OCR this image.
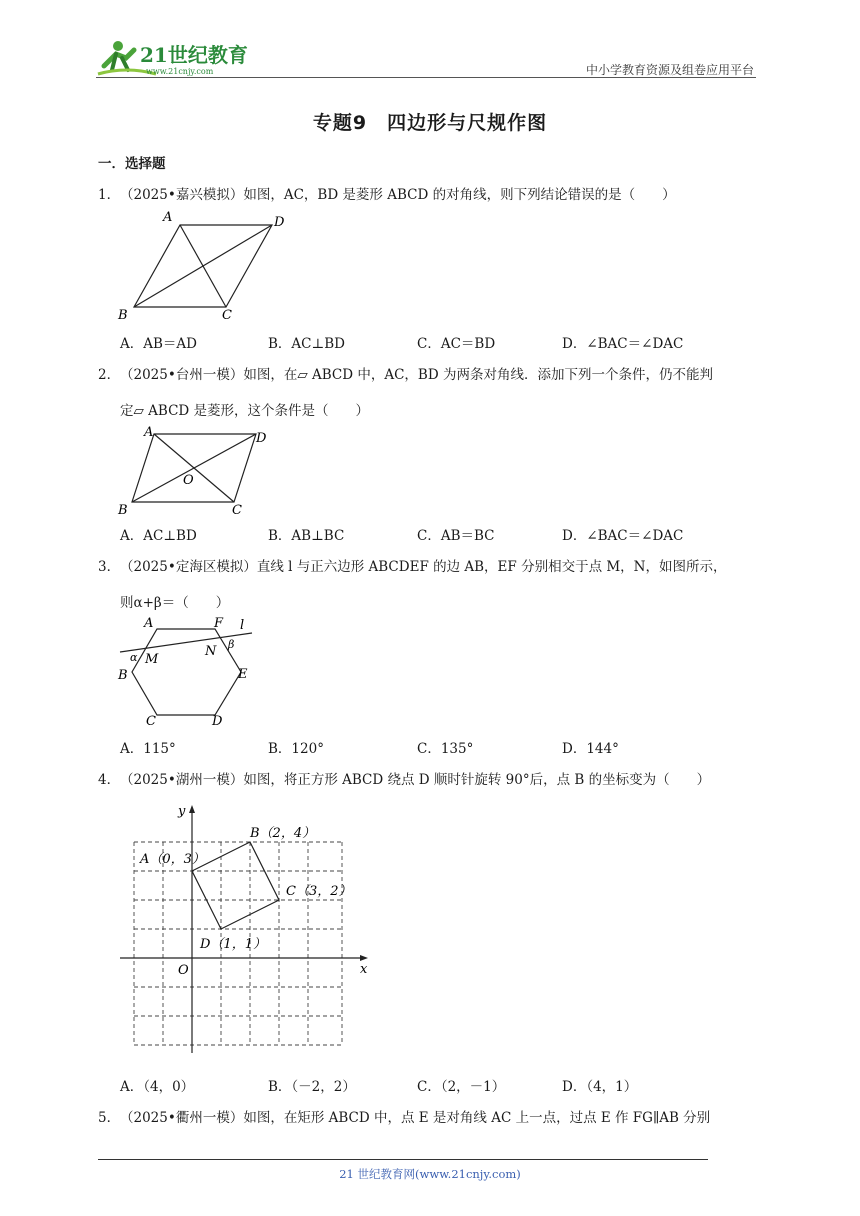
21世纪教育
www.21cnjy.com	中小学教育资源及组卷应用平台
专题9　四边形与尺规作图
一．选择题
1．（2025•嘉兴模拟）如图，AC，BD 是菱形 ABCD 的对角线，则下列结论错误的是（　　）
A	D
B	C
A．AB＝AD	B．AC⊥BD	C．AC＝BD	D．∠BAC＝∠DAC
2．（2025•台州一模）如图，在▱ ABCD 中，AC，BD 为两条对角线．添加下列一个条件，仍不能判
定▱ ABCD 是菱形，这个条件是（　　）
A	D
O
B	C
A．AC⊥BD	B．AB⊥BC	C．AB＝BC	D．∠BAC＝∠DAC
3．（2025•定海区模拟）直线 l 与正六边形 ABCDEF 的边 AB，EF 分别相交于点 M，N，如图所示，
则α+β＝（　　）
A	F l
α M
N β
B	E
C	D
A．115°	B．120°	C．135°	D．144°
4．（2025•湖州一模）如图，将正方形 ABCD 绕点 D 顺时针旋转 90°后，点 B 的坐标变为（　　）
y
B（2，4）
A（0，3）
C（3，2）
D（1，1）
O	x
A．（4，0）	B．（－2，2）	C．（2，－1）	D．（4，1）
5．（2025•衢州一模）如图，在矩形 ABCD 中，点 E 是对角线 AC 上一点，过点 E 作 FG∥AB 分别
21 世纪教育网(www.21cnjy.com)
